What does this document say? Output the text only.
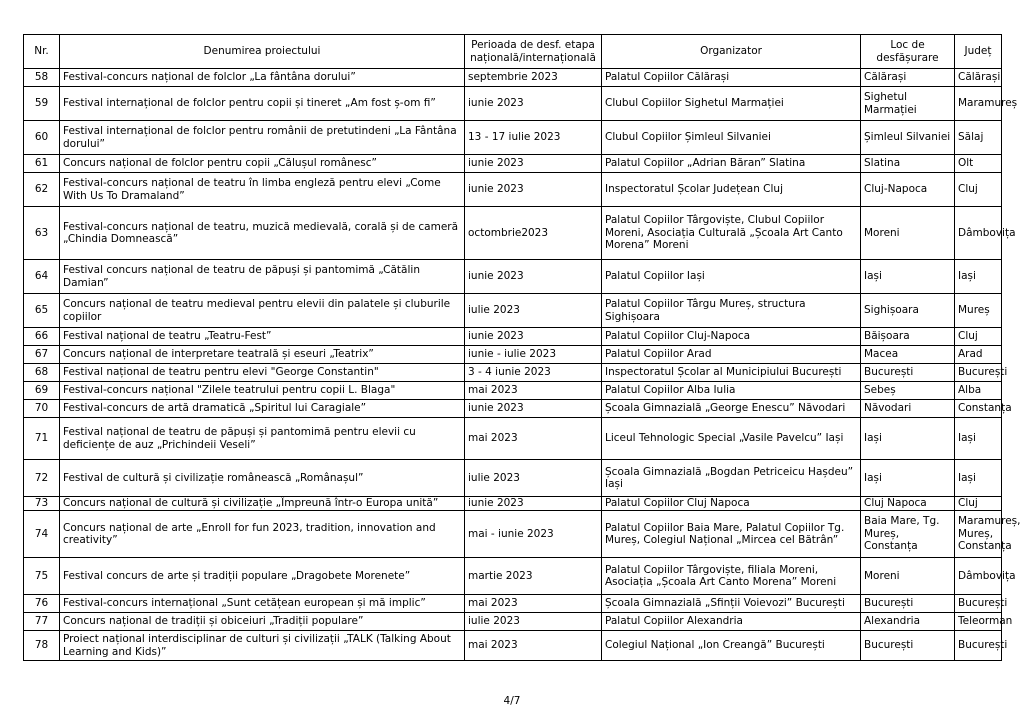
Nr.	Denumirea proiectului	Perioada de desf. etapa națională/internațională	Organizator	Loc de desfășurare	Județ
58	Festival-concurs național de folclor „La fântâna dorului”	septembrie 2023	Palatul Copiilor Călărași	Călărași	Călărași
59	Festival internațional de folclor pentru copii și tineret „Am fost ș-om fi”	iunie 2023	Clubul Copiilor Sighetul Marmației	Sighetul Marmației	Maramureș
60	Festival internațional de folclor pentru românii de pretutindeni „La Fântâna dorului”	13 - 17 iulie 2023	Clubul Copiilor Șimleul Silvaniei	Șimleul Silvaniei	Sălaj
61	Concurs național de folclor pentru copii „Călușul românesc”	iunie 2023	Palatul Copiilor „Adrian Băran” Slatina	Slatina	Olt
62	Festival-concurs național de teatru în limba engleză pentru elevi „Come With Us To Dramaland”	iunie 2023	Inspectoratul Școlar Județean Cluj	Cluj-Napoca	Cluj
63	Festival-concurs național de teatru, muzică medievală, corală și de cameră „Chindia Domnească”	octombrie2023	Palatul Copiilor Târgoviște, Clubul Copiilor Moreni, Asociația Culturală „Școala Art Canto Morena” Moreni	Moreni	Dâmbovița
64	Festival concurs național de teatru de păpuși și pantomimă „Cătălin Damian”	iunie 2023	Palatul Copiilor Iași	Iași	Iași
65	Concurs național de teatru medieval pentru elevii din palatele și cluburile copiilor	iulie 2023	Palatul Copiilor Târgu Mureș, structura Sighișoara	Sighișoara	Mureș
66	Festival național de teatru „Teatru-Fest”	iunie 2023	Palatul Copiilor Cluj-Napoca	Băișoara	Cluj
67	Concurs național de interpretare teatrală și eseuri „Teatrix”	iunie - iulie 2023	Palatul Copiilor Arad	Macea	Arad
68	Festival național de teatru pentru elevi "George Constantin"	3 - 4 iunie 2023	Inspectoratul Școlar al Municipiului București	București	București
69	Festival-concurs național "Zilele teatrului pentru copii L. Blaga"	mai 2023	Palatul Copiilor Alba Iulia	Sebeș	Alba
70	Festival-concurs de artă dramatică „Spiritul lui Caragiale”	iunie 2023	Școala Gimnazială „George Enescu” Năvodari	Năvodari	Constanța
71	Festival național de teatru de păpuși și pantomimă pentru elevii cu deficiențe de auz „Prichindeii Veseli”	mai 2023	Liceul Tehnologic Special „Vasile Pavelcu” Iași	Iași	Iași
72	Festival de cultură și civilizație românească „Românașul”	iulie 2023	Școala Gimnazială „Bogdan Petriceicu Hașdeu” Iași	Iași	Iași
73	Concurs național de cultură și civilizație „Împreună într-o Europa unită”	iunie 2023	Palatul Copiilor Cluj Napoca	Cluj Napoca	Cluj
74	Concurs național de arte „Enroll for fun 2023, tradition, innovation and creativity”	mai - iunie 2023	Palatul Copiilor Baia Mare, Palatul Copiilor Tg. Mureș, Colegiul Național „Mircea cel Bătrân”	Baia Mare, Tg. Mureș, Constanța	Maramureș, Mureș, Constanța
75	Festival concurs de arte și tradiții populare „Dragobete Morenete”	martie 2023	Palatul Copiilor Târgoviște, filiala Moreni, Asociația „Școala Art Canto Morena” Moreni	Moreni	Dâmbovița
76	Festival-concurs internațional „Sunt cetățean european și mă implic”	mai 2023	Școala Gimnazială „Sfinții Voievozi” București	București	București
77	Concurs național de tradiții și obiceiuri „Tradiții populare”	iulie 2023	Palatul Copiilor Alexandria	Alexandria	Teleorman
78	Proiect național interdisciplinar de culturi și civilizații „TALK (Talking About Learning and Kids)”	mai 2023	Colegiul Național „Ion Creangă” București	București	București
4/7
